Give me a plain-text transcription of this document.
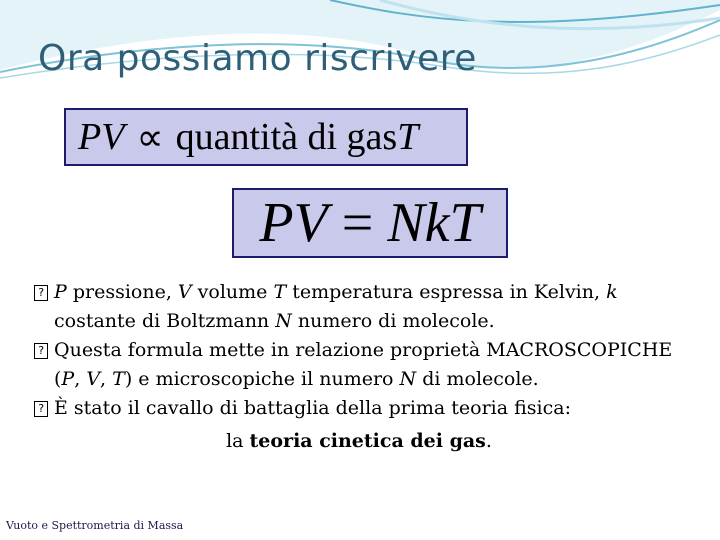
Ora possiamo riscrivere
PV ∝ quantità di gas T
PV = NkT

? P pressione, V volume T temperatura espressa in Kelvin, k costante di Boltzmann N numero di molecole.

? Questa formula mette in relazione proprietà MACROSCOPICHE (P, V, T) e microscopiche il numero N di molecole.

? È stato il cavallo di battaglia della prima teoria fisica:

la teoria cinetica dei gas.
Vuoto e Spettrometria di Massa
